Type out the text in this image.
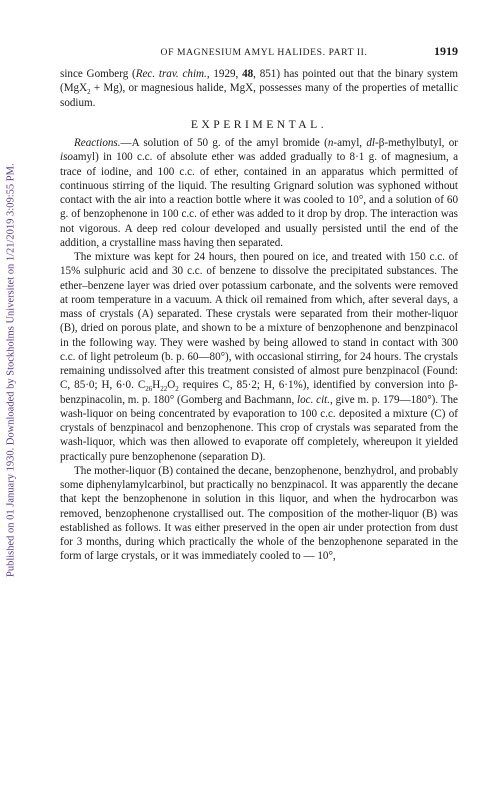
Published on 01 January 1930. Downloaded by Stockholms Universitet on 1/21/2019 3:09:55 PM.
OF MAGNESIUM AMYL HALIDES. PART II.	1919

since Gomberg (Rec. trav. chim., 1929, 48, 851) has pointed out that the binary system (MgX$_2$ + Mg), or magnesious halide, MgX, possesses many of the properties of metallic sodium.

EXPERIMENTAL.

Reactions.—A solution of 50 g. of the amyl bromide (n-amyl, dl-β-methylbutyl, or isoamyl) in 100 c.c. of absolute ether was added gradually to 8·1 g. of magnesium, a trace of iodine, and 100 c.c. of ether, contained in an apparatus which permitted of continuous stirring of the liquid. The resulting Grignard solution was syphoned without contact with the air into a reaction bottle where it was cooled to 10°, and a solution of 60 g. of benzophenone in 100 c.c. of ether was added to it drop by drop. The interaction was not vigorous. A deep red colour developed and usually persisted until the end of the addition, a crystalline mass having then separated.

The mixture was kept for 24 hours, then poured on ice, and treated with 150 c.c. of 15% sulphuric acid and 30 c.c. of benzene to dissolve the precipitated substances. The ether–benzene layer was dried over potassium carbonate, and the solvents were removed at room temperature in a vacuum. A thick oil remained from which, after several days, a mass of crystals (A) separated. These crystals were separated from their mother-liquor (B), dried on porous plate, and shown to be a mixture of benzophenone and benzpinacol in the following way. They were washed by being allowed to stand in contact with 300 c.c. of light petroleum (b. p. 60—80°), with occasional stirring, for 24 hours. The crystals remaining undissolved after this treatment consisted of almost pure benzpinacol (Found: C, 85·0; H, 6·0. $C_{26}H_{22}O_2$ requires C, 85·2; H, 6·1%), identified by conversion into β-benzpinacolin, m. p. 180° (Gomberg and Bachmann, loc. cit., give m. p. 179—180°). The wash-liquor on being concentrated by evaporation to 100 c.c. deposited a mixture (C) of crystals of benzpinacol and benzophenone. This crop of crystals was separated from the wash-liquor, which was then allowed to evaporate off completely, whereupon it yielded practically pure benzophenone (separation D).

The mother-liquor (B) contained the decane, benzophenone, benzhydrol, and probably some diphenylamylcarbinol, but practically no benzpinacol. It was apparently the decane that kept the benzophenone in solution in this liquor, and when the hydrocarbon was removed, benzophenone crystallised out. The composition of the mother-liquor (B) was established as follows. It was either preserved in the open air under protection from dust for 3 months, during which practically the whole of the benzophenone separated in the form of large crystals, or it was immediately cooled to — 10°,
